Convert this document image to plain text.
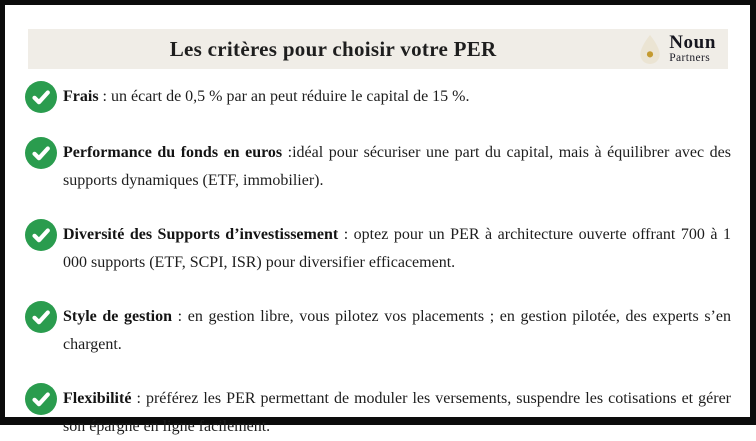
Les critères pour choisir votre PER	Noun
Partners

Frais : un écart de 0,5 % par an peut réduire le capital de 15 %.

Performance du fonds en euros :idéal pour sécuriser une part du capital, mais à équilibrer avec des supports dynamiques (ETF, immobilier).

Diversité des Supports d’investissement : optez pour un PER à architecture ouverte offrant 700 à 1 000 supports (ETF, SCPI, ISR) pour diversifier efficacement.

Style de gestion : en gestion libre, vous pilotez vos placements ; en gestion pilotée, des experts s’en chargent.

Flexibilité : préférez les PER permettant de moduler les versements, suspendre les cotisations et gérer son épargne en ligne facilement.
